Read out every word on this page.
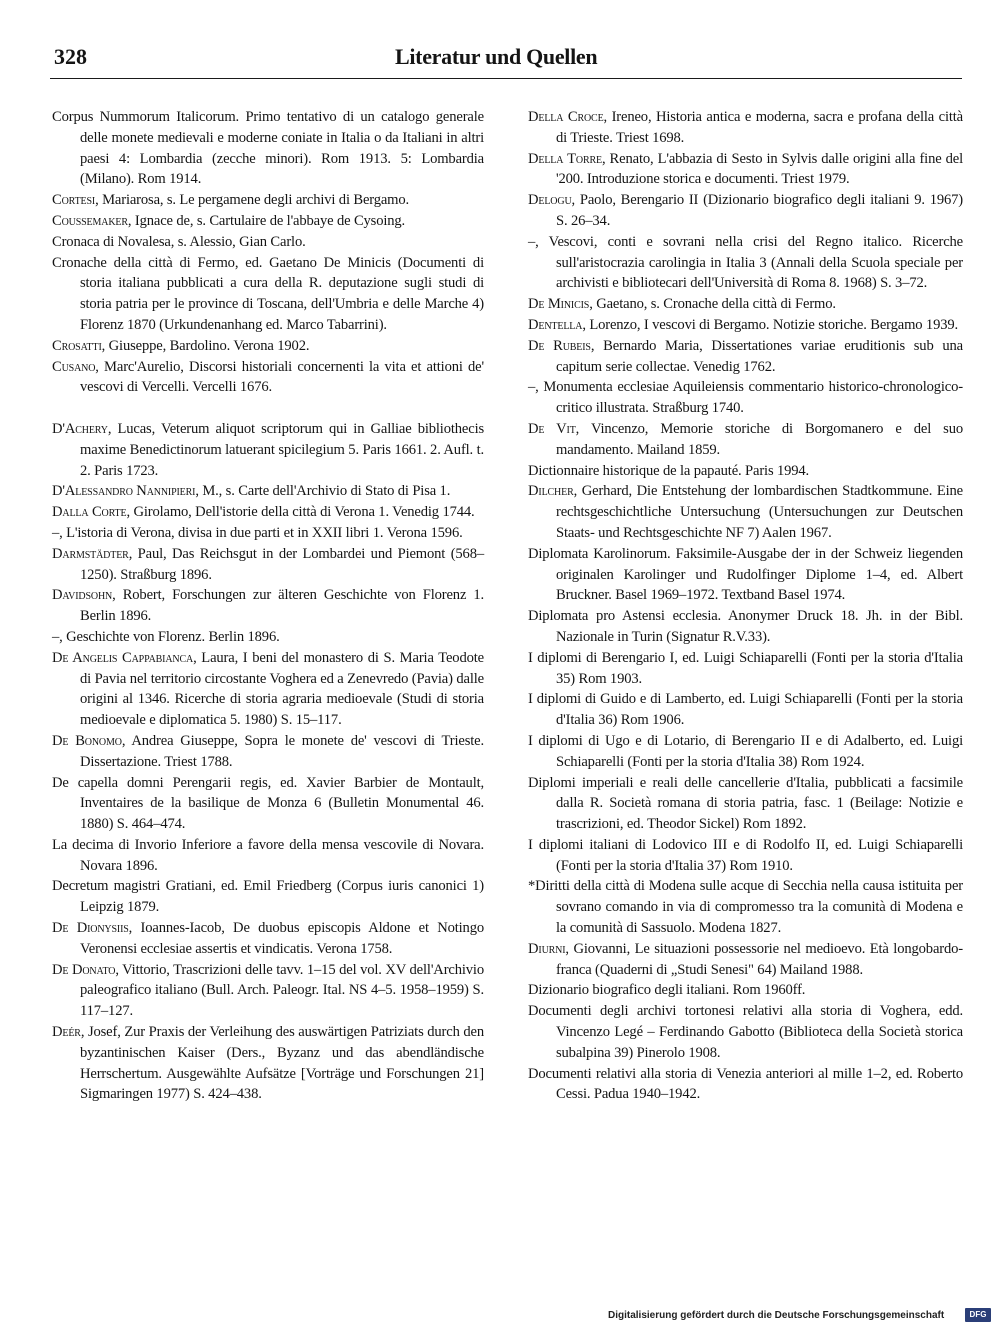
328	Literatur und Quellen

Corpus Nummorum Italicorum. Primo tentativo di un catalogo generale delle monete medievali e moderne coniate in Italia o da Italiani in altri paesi 4: Lombardia (zecche minori). Rom 1913. 5: Lombardia (Milano). Rom 1914.

Cortesi, Mariarosa, s. Le pergamene degli archivi di Bergamo.

Coussemaker, Ignace de, s. Cartulaire de l'abbaye de Cysoing.

Cronaca di Novalesa, s. Alessio, Gian Carlo.

Cronache della città di Fermo, ed. Gaetano De Minicis (Documenti di storia italiana pubblicati a cura della R. deputazione sugli studi di storia patria per le province di Toscana, dell'Umbria e delle Marche 4) Florenz 1870 (Urkundenanhang ed. Marco Tabarrini).

Crosatti, Giuseppe, Bardolino. Verona 1902.

Cusano, Marc'Aurelio, Discorsi historiali concernenti la vita et attioni de' vescovi di Vercelli. Vercelli 1676.

D'Achery, Lucas, Veterum aliquot scriptorum qui in Galliae bibliothecis maxime Benedictinorum latuerant spicilegium 5. Paris 1661. 2. Aufl. t. 2. Paris 1723.

D'Alessandro Nannipieri, M., s. Carte dell'Archivio di Stato di Pisa 1.

Dalla Corte, Girolamo, Dell'istorie della città di Verona 1. Venedig 1744.

–, L'istoria di Verona, divisa in due parti et in XXII libri 1. Verona 1596.

Darmstädter, Paul, Das Reichsgut in der Lombardei und Piemont (568–1250). Straßburg 1896.

Davidsohn, Robert, Forschungen zur älteren Geschichte von Florenz 1. Berlin 1896.

–, Geschichte von Florenz. Berlin 1896.

De Angelis Cappabianca, Laura, I beni del monastero di S. Maria Teodote di Pavia nel territorio circostante Voghera ed a Zenevredo (Pavia) dalle origini al 1346. Ricerche di storia agraria medioevale (Studi di storia medioevale e diplomatica 5. 1980) S. 15–117.

De Bonomo, Andrea Giuseppe, Sopra le monete de' vescovi di Trieste. Dissertazione. Triest 1788.

De capella domni Perengarii regis, ed. Xavier Barbier de Montault, Inventaires de la basilique de Monza 6 (Bulletin Monumental 46. 1880) S. 464–474.

La decima di Invorio Inferiore a favore della mensa vescovile di Novara. Novara 1896.

Decretum magistri Gratiani, ed. Emil Friedberg (Corpus iuris canonici 1) Leipzig 1879.

De Dionysiis, Ioannes-Iacob, De duobus episcopis Aldone et Notingo Veronensi ecclesiae assertis et vindicatis. Verona 1758.

De Donato, Vittorio, Trascrizioni delle tavv. 1–15 del vol. XV dell'Archivio paleografico italiano (Bull. Arch. Paleogr. Ital. NS 4–5. 1958–1959) S. 117–127.

Deér, Josef, Zur Praxis der Verleihung des auswärtigen Patriziats durch den byzantinischen Kaiser (Ders., Byzanz und das abendländische Herrschertum. Ausgewählte Aufsätze [Vorträge und Forschungen 21] Sigmaringen 1977) S. 424–438.

Della Croce, Ireneo, Historia antica e moderna, sacra e profana della città di Trieste. Triest 1698.

Della Torre, Renato, L'abbazia di Sesto in Sylvis dalle origini alla fine del '200. Introduzione storica e documenti. Triest 1979.

Delogu, Paolo, Berengario II (Dizionario biografico degli italiani 9. 1967) S. 26–34.

–, Vescovi, conti e sovrani nella crisi del Regno italico. Ricerche sull'aristocrazia carolingia in Italia 3 (Annali della Scuola speciale per archivisti e bibliotecari dell'Università di Roma 8. 1968) S. 3–72.

De Minicis, Gaetano, s. Cronache della città di Fermo.

Dentella, Lorenzo, I vescovi di Bergamo. Notizie storiche. Bergamo 1939.

De Rubeis, Bernardo Maria, Dissertationes variae eruditionis sub una capitum serie collectae. Venedig 1762.

–, Monumenta ecclesiae Aquileiensis commentario historico-chronologico-critico illustrata. Straßburg 1740.

De Vit, Vincenzo, Memorie storiche di Borgomanero e del suo mandamento. Mailand 1859.

Dictionnaire historique de la papauté. Paris 1994.

Dilcher, Gerhard, Die Entstehung der lombardischen Stadtkommune. Eine rechtsgeschichtliche Untersuchung (Untersuchungen zur Deutschen Staats- und Rechtsgeschichte NF 7) Aalen 1967.

Diplomata Karolinorum. Faksimile-Ausgabe der in der Schweiz liegenden originalen Karolinger und Rudolfinger Diplome 1–4, ed. Albert Bruckner. Basel 1969–1972. Textband Basel 1974.

Diplomata pro Astensi ecclesia. Anonymer Druck 18. Jh. in der Bibl. Nazionale in Turin (Signatur R.V.33).

I diplomi di Berengario I, ed. Luigi Schiaparelli (Fonti per la storia d'Italia 35) Rom 1903.

I diplomi di Guido e di Lamberto, ed. Luigi Schiaparelli (Fonti per la storia d'Italia 36) Rom 1906.

I diplomi di Ugo e di Lotario, di Berengario II e di Adalberto, ed. Luigi Schiaparelli (Fonti per la storia d'Italia 38) Rom 1924.

Diplomi imperiali e reali delle cancellerie d'Italia, pubblicati a facsimile dalla R. Società romana di storia patria, fasc. 1 (Beilage: Notizie e trascrizioni, ed. Theodor Sickel) Rom 1892.

I diplomi italiani di Lodovico III e di Rodolfo II, ed. Luigi Schiaparelli (Fonti per la storia d'Italia 37) Rom 1910.

*Diritti della città di Modena sulle acque di Secchia nella causa istituita per sovrano comando in via di compromesso tra la comunità di Modena e la comunità di Sassuolo. Modena 1827.

Diurni, Giovanni, Le situazioni possessorie nel medioevo. Età longobardo-franca (Quaderni di „Studi Senesi" 64) Mailand 1988.

Dizionario biografico degli italiani. Rom 1960ff.

Documenti degli archivi tortonesi relativi alla storia di Voghera, edd. Vincenzo Legé – Ferdinando Gabotto (Biblioteca della Società storica subalpina 39) Pinerolo 1908.

Documenti relativi alla storia di Venezia anteriori al mille 1–2, ed. Roberto Cessi. Padua 1940–1942.

Digitalisierung gefördert durch die Deutsche Forschungsgemeinschaft	DFG
